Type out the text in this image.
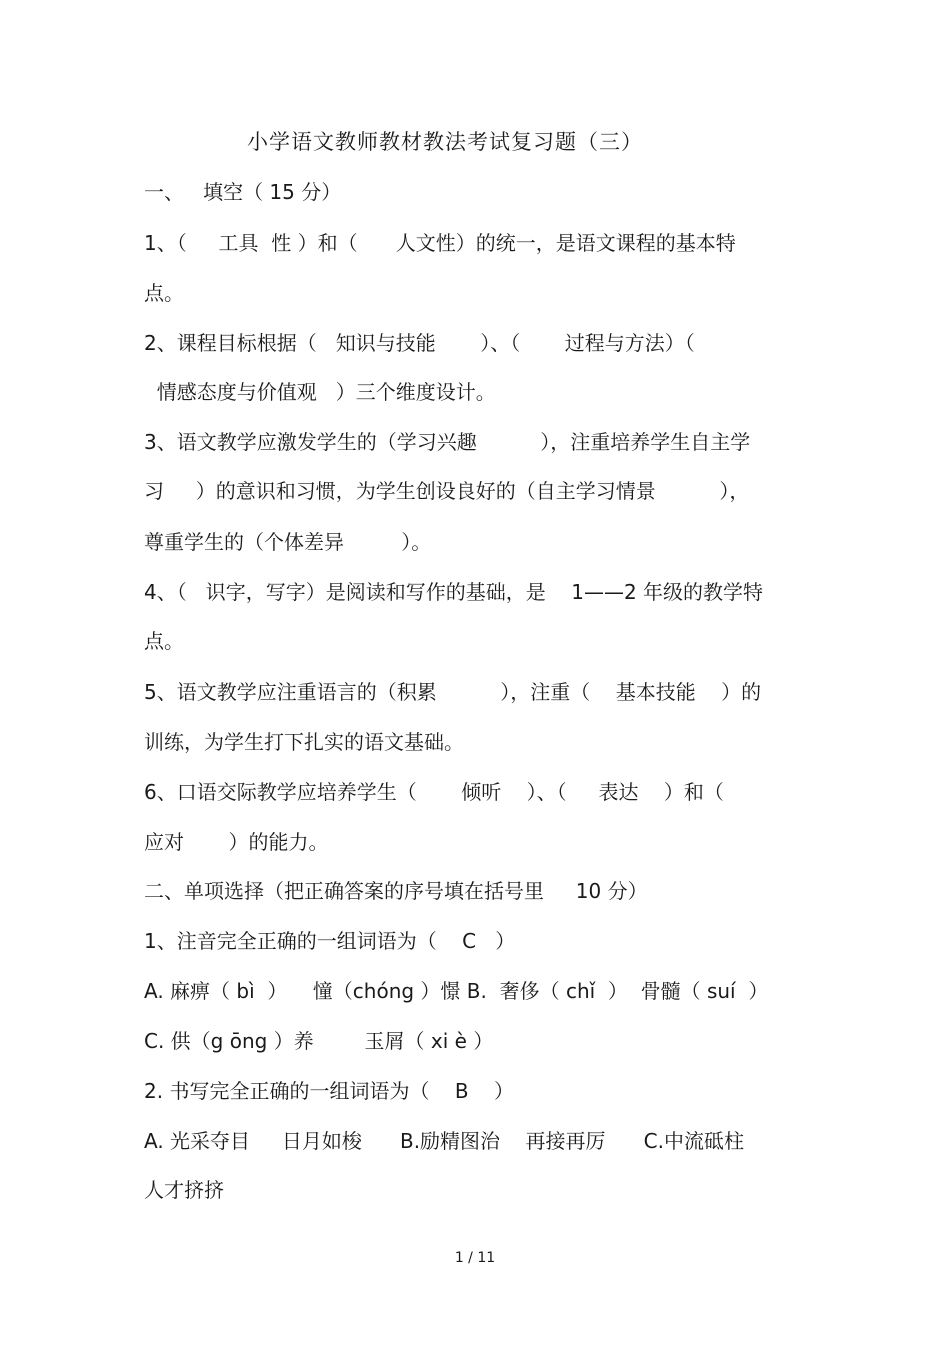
小学语文教师教材教法考试复习题（三）
一、   填空（ 15 分）
1、（     工具  性 ）和（      人文性）的统一，是语文课程的基本特
点。
2、课程目标根据（   知识与技能       ）、（       过程与方法）（
情感态度与价值观   ）三个维度设计。
3、语文教学应激发学生的（学习兴趣          ），注重培养学生自主学
习     ）的意识和习惯，为学生创设良好的（自主学习情景          ），
尊重学生的（个体差异         ）。
4、（   识字，写字）是阅读和写作的基础，是    1——2 年级的教学特
点。
5、语文教学应注重语言的（积累          ），注重（    基本技能    ）的
训练，为学生打下扎实的语文基础。
6、口语交际教学应培养学生（       倾听    ）、（     表达    ）和（
应对       ）的能力。
二、单项选择（把正确答案的序号填在括号里     10 分）
1、注音完全正确的一组词语为（    C   ）
A. 麻痹（ bì  ）    憧（chóng ）憬 B.  奢侈（ chǐ  ）  骨髓（ suí  ）
C. 供（g ōng ）养        玉屑（ xi è ）
2. 书写完全正确的一组词语为（    B    ）
A. 光采夺目     日月如梭      B.励精图治    再接再厉      C.中流砥柱
人才挤挤
1 / 11
